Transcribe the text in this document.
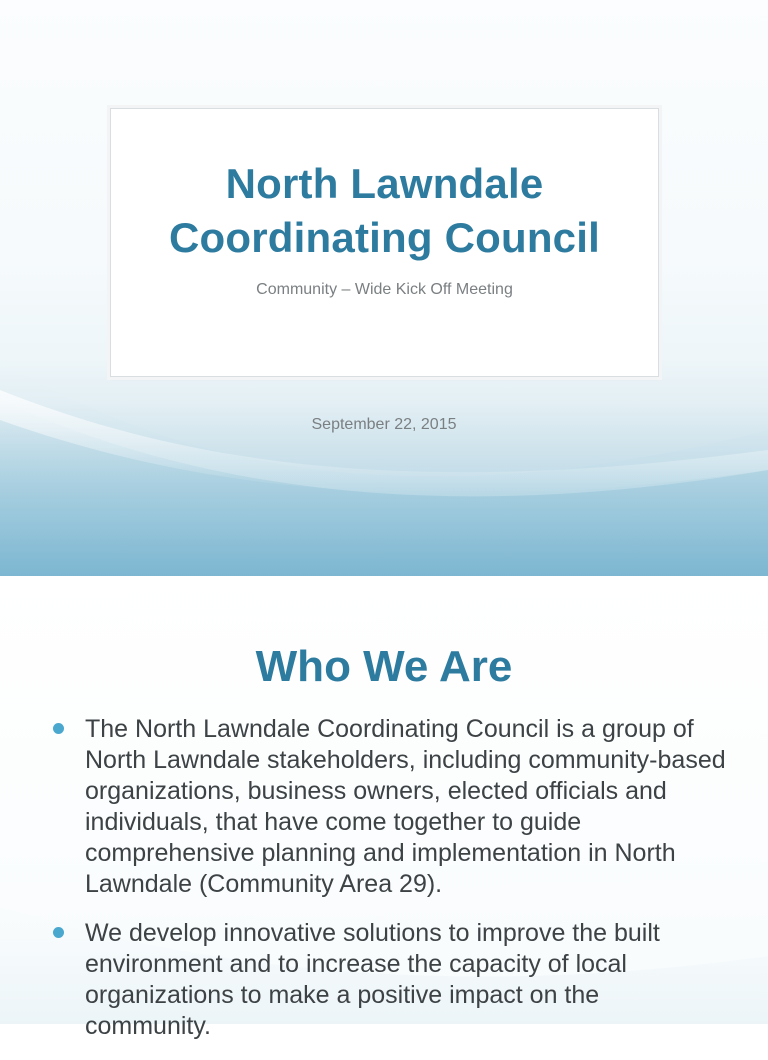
North Lawndale
Coordinating Council
Community – Wide Kick Off Meeting
September 22, 2015
Who We Are
The North Lawndale Coordinating Council is a group of North Lawndale stakeholders, including community-based organizations, business owners, elected officials and individuals, that have come together to guide comprehensive planning and implementation in North Lawndale (Community Area 29).
We develop innovative solutions to improve the built environment and to increase the capacity of local organizations to make a positive impact on the community.
